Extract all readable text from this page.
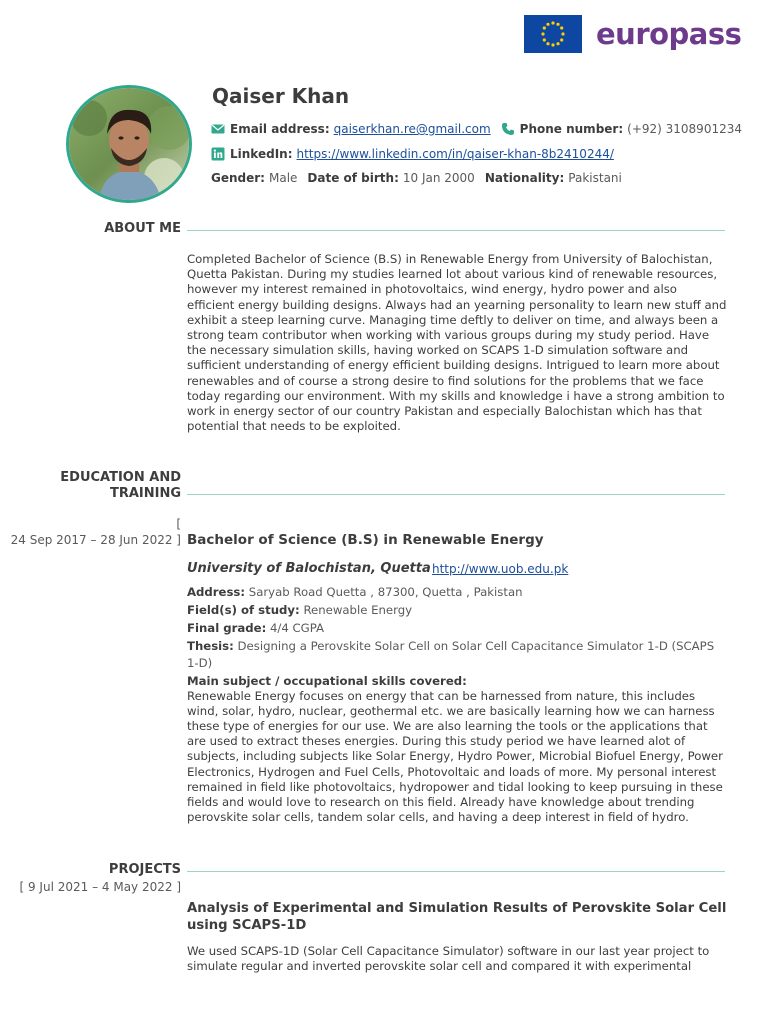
europass
Qaiser Khan
Email address: qaiserkhan.re@gmail.com Phone number: (+92) 3108901234
LinkedIn: https://www.linkedin.com/in/qaiser-khan-8b2410244/
Gender: Male Date of birth: 10 Jan 2000 Nationality: Pakistani
ABOUT ME

Completed Bachelor of Science (B.S) in Renewable Energy from University of Balochistan, Quetta Pakistan. During my studies learned lot about various kind of renewable resources, however my interest remained in photovoltaics, wind energy, hydro power and also efficient energy building designs. Always had an yearning personality to learn new stuff and exhibit a steep learning curve. Managing time deftly to deliver on time, and always been a strong team contributor when working with various groups during my study period. Have the necessary simulation skills, having worked on SCAPS 1-D simulation software and sufficient understanding of energy efficient building designs. Intrigued to learn more about renewables and of course a strong desire to find solutions for the problems that we face today regarding our environment. With my skills and knowledge i have a strong ambition to work in energy sector of our country Pakistan and especially Balochistan which has that potential that needs to be exploited.

EDUCATION AND
TRAINING
[
24 Sep 2017 – 28 Jun 2022 ] Bachelor of Science (B.S) in Renewable Energy
University of Balochistan, Quetta http://www.uob.edu.pk
Address: Saryab Road Quetta , 87300, Quetta , Pakistan
Field(s) of study: Renewable Energy
Final grade: 4/4 CGPA
Thesis: Designing a Perovskite Solar Cell on Solar Cell Capacitance Simulator 1-D (SCAPS 1-D)
Main subject / occupational skills covered:
Renewable Energy focuses on energy that can be harnessed from nature, this includes wind, solar, hydro, nuclear, geothermal etc. we are basically learning how we can harness these type of energies for our use. We are also learning the tools or the applications that are used to extract theses energies. During this study period we have learned alot of subjects, including subjects like Solar Energy, Hydro Power, Microbial Biofuel Energy, Power Electronics, Hydrogen and Fuel Cells, Photovoltaic and loads of more. My personal interest remained in field like photovoltaics, hydropower and tidal looking to keep pursuing in these fields and would love to research on this field. Already have knowledge about trending perovskite solar cells, tandem solar cells, and having a deep interest in field of hydro.
PROJECTS
[ 9 Jul 2021 – 4 May 2022 ]
Analysis of Experimental and Simulation Results of Perovskite Solar Cell using SCAPS-1D

We used SCAPS-1D (Solar Cell Capacitance Simulator) software in our last year project to simulate regular and inverted perovskite solar cell and compared it with experimental
